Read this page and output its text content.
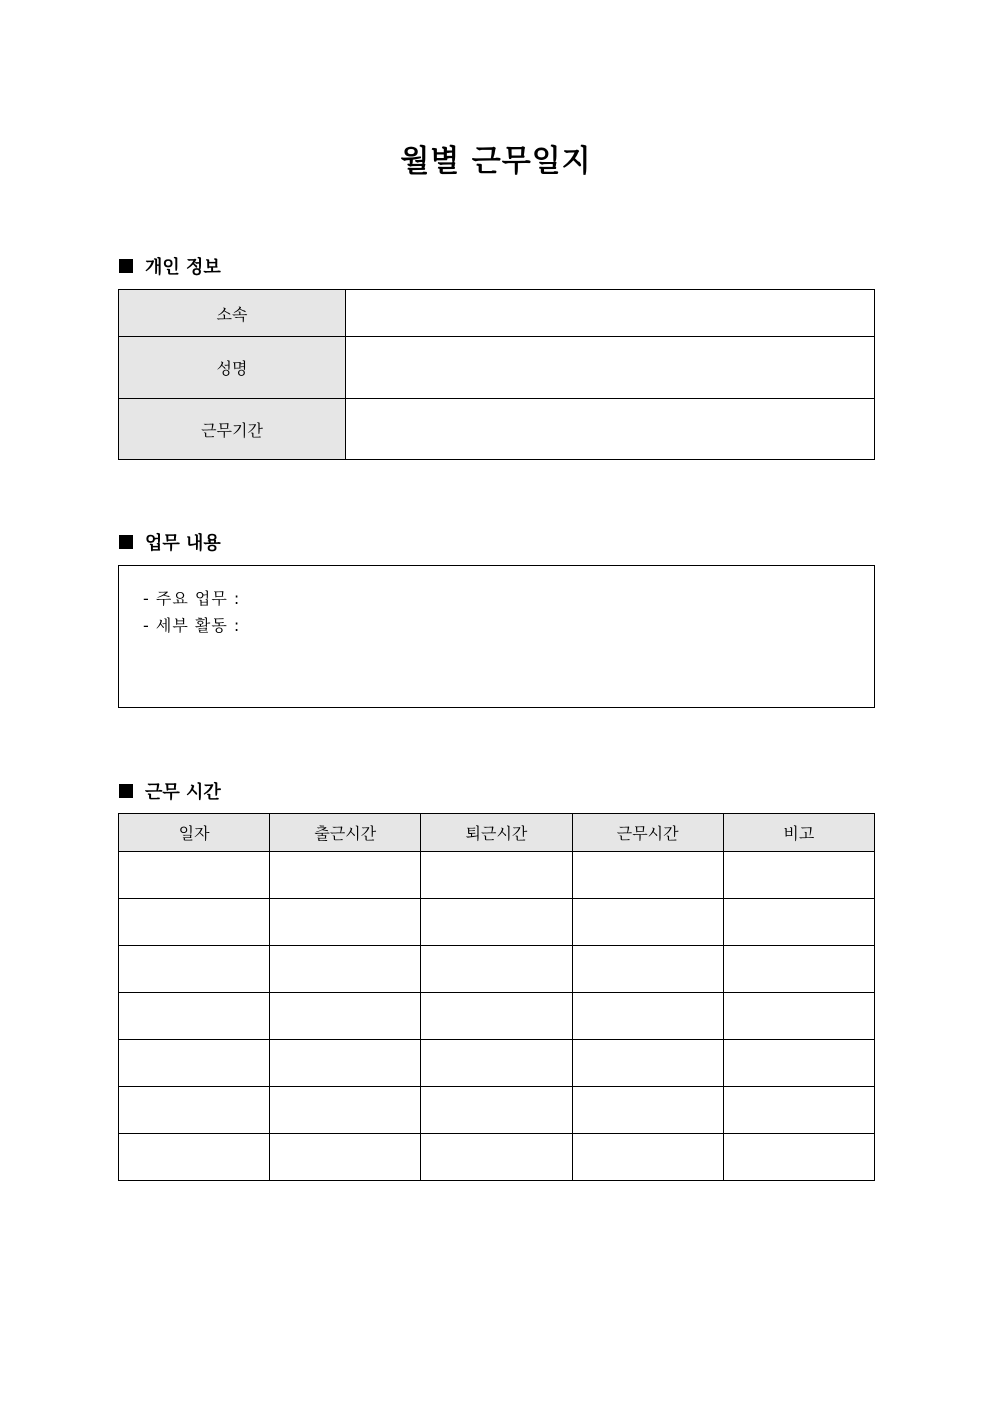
월별 근무일지
개인 정보
소속	
성명	
근무기간	
업무 내용
- 주요 업무 :
- 세부 활동 :
근무 시간
일자	출근시간	퇴근시간	근무시간	비고
